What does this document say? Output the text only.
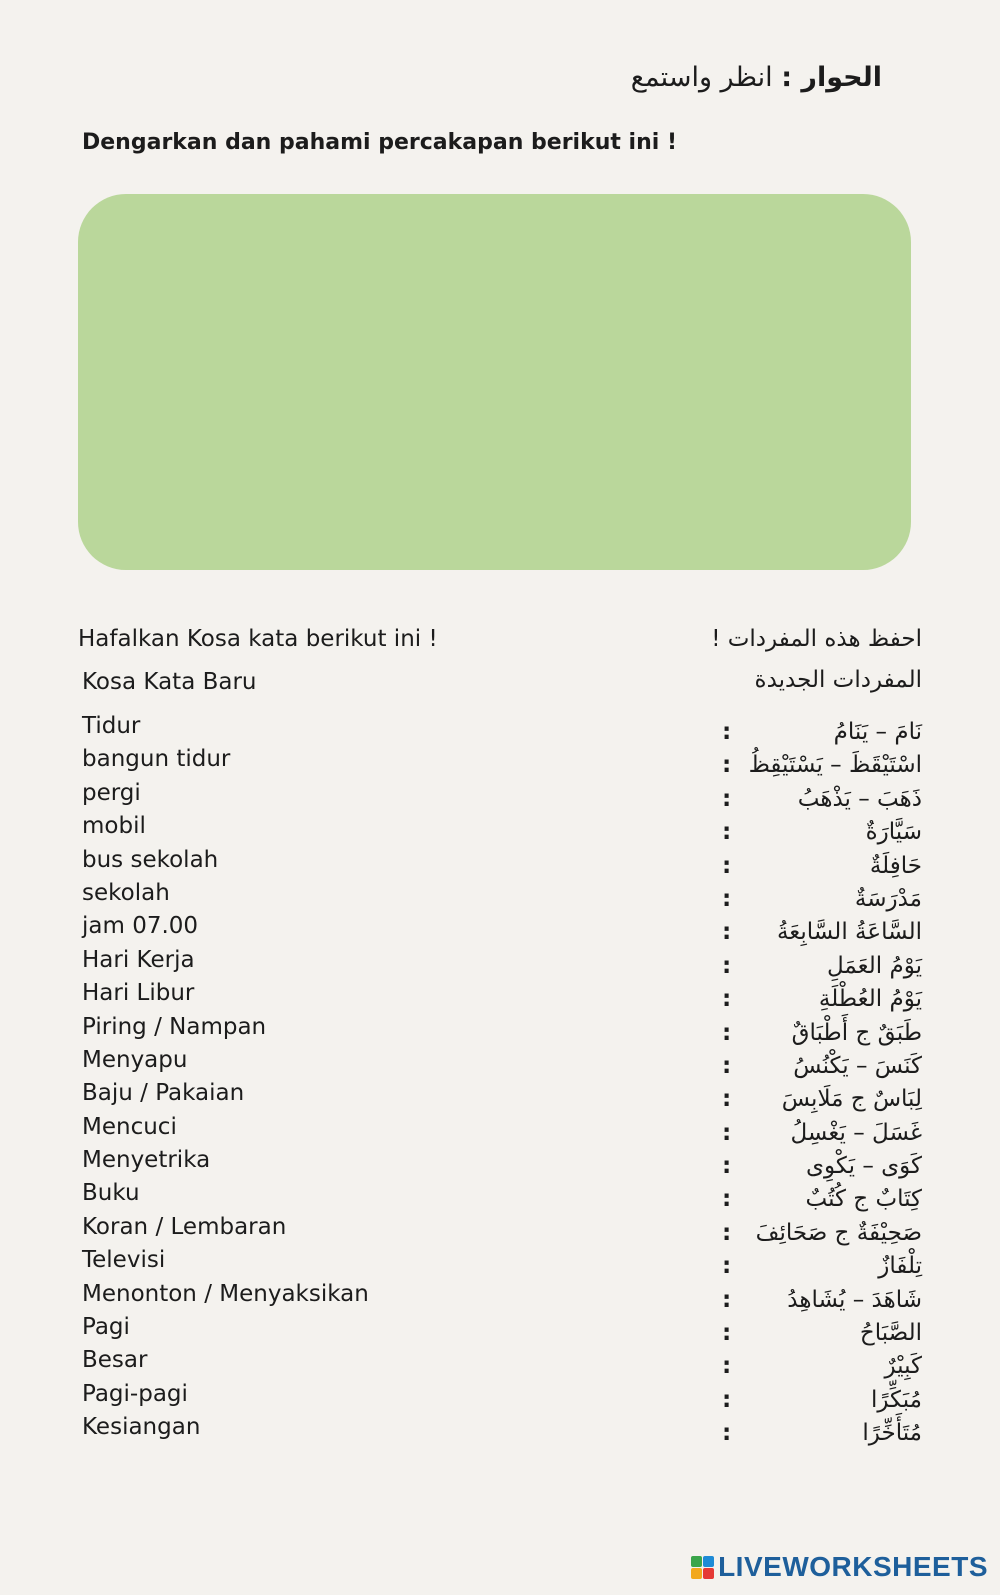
الحوار : انظر واستمع
Dengarkan dan pahami percakapan berikut ini !
Hafalkan Kosa kata berikut ini !	احفظ هذه المفردات !
Kosa Kata Baru	المفردات الجديدة
Tidur
bangun tidur
pergi
mobil
bus sekolah
sekolah
jam 07.00
Hari Kerja
Hari Libur
Piring / Nampan
Menyapu
Baju / Pakaian
Mencuci
Menyetrika
Buku
Koran / Lembaran
Televisi
Menonton / Menyaksikan
Pagi
Besar
Pagi-pagi
Kesiangan
:
:
:
:
:
:
:
:
:
:
:
:
:
:
:
:
:
:
:
:
:
:
نَامَ – يَنَامُ
اسْتَيْقَظَ – يَسْتَيْقِظُ
ذَهَبَ – يَذْهَبُ
سَيَّارَةٌ
حَافِلَةٌ
مَدْرَسَةٌ
السَّاعَةُ السَّابِعَةُ
يَوْمُ العَمَلِ
يَوْمُ العُطْلَةِ
طَبَقٌ ج أَطْبَاقٌ
كَنَسَ – يَكْنُسُ
لِبَاسٌ ج مَلَابِسَ
غَسَلَ – يَغْسِلُ
كَوَى – يَكْوِى
كِتَابٌ ج كُتُبٌ
صَحِيْفَةٌ ج صَحَائِفَ
تِلْفَازٌ
شَاهَدَ – يُشَاهِدُ
الصَّبَاحُ
كَبِيْرٌ
مُبَكِّرًا
مُتَأَخِّرًا
LIVEWORKSHEETS
